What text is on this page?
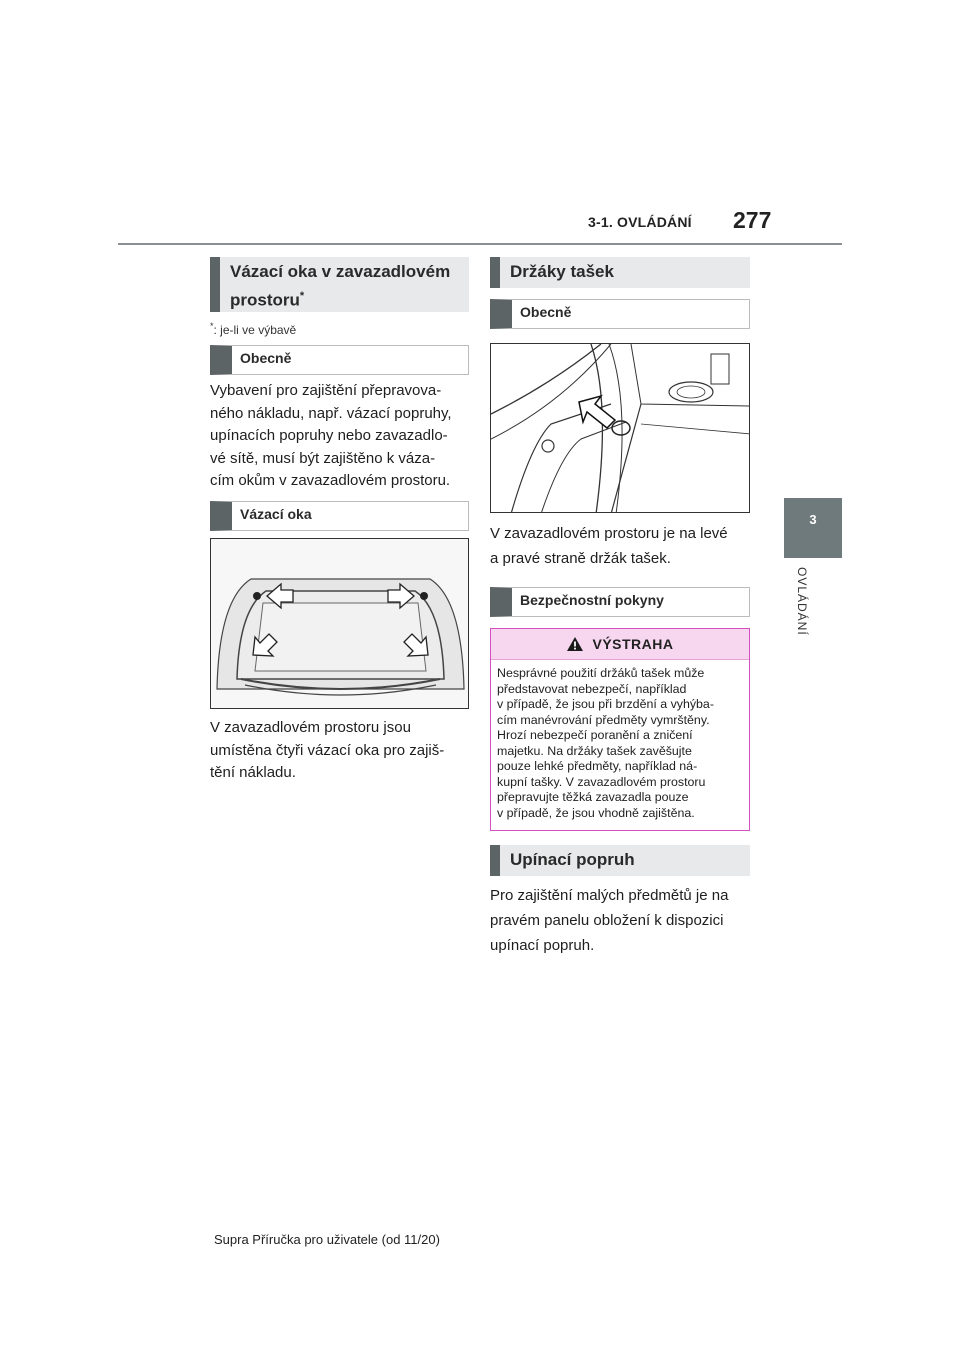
3-1. OVLÁDÁNÍ 277
3
OVLÁDÁNÍ
Vázací oka v zavazadlovém
prostoru*
*: je-li ve výbavě
Obecně
Vybavení pro zajištění přepravova-
ného nákladu, např. vázací popruhy,
upínacích popruhy nebo zavazadlo-
vé sítě, musí být zajištěno k váza-
cím okům v zavazadlovém prostoru.
Vázací oka
V zavazadlovém prostoru jsou
umístěna čtyři vázací oka pro zajiš-
tění nákladu.
Držáky tašek
Obecně
V zavazadlovém prostoru je na levé
a pravé straně držák tašek.
Bezpečnostní pokyny
VÝSTRAHA
Nesprávné použití držáků tašek může
představovat nebezpečí, například
v případě, že jsou při brzdění a vyhýba-
cím manévrování předměty vymrštěny.
Hrozí nebezpečí poranění a zničení
majetku. Na držáky tašek zavěšujte
pouze lehké předměty, například ná-
kupní tašky. V zavazadlovém prostoru
přepravujte těžká zavazadla pouze
v případě, že jsou vhodně zajištěna.
Upínací popruh
Pro zajištění malých předmětů je na
pravém panelu obložení k dispozici
upínací popruh.
Supra Příručka pro uživatele (od 11/20)
